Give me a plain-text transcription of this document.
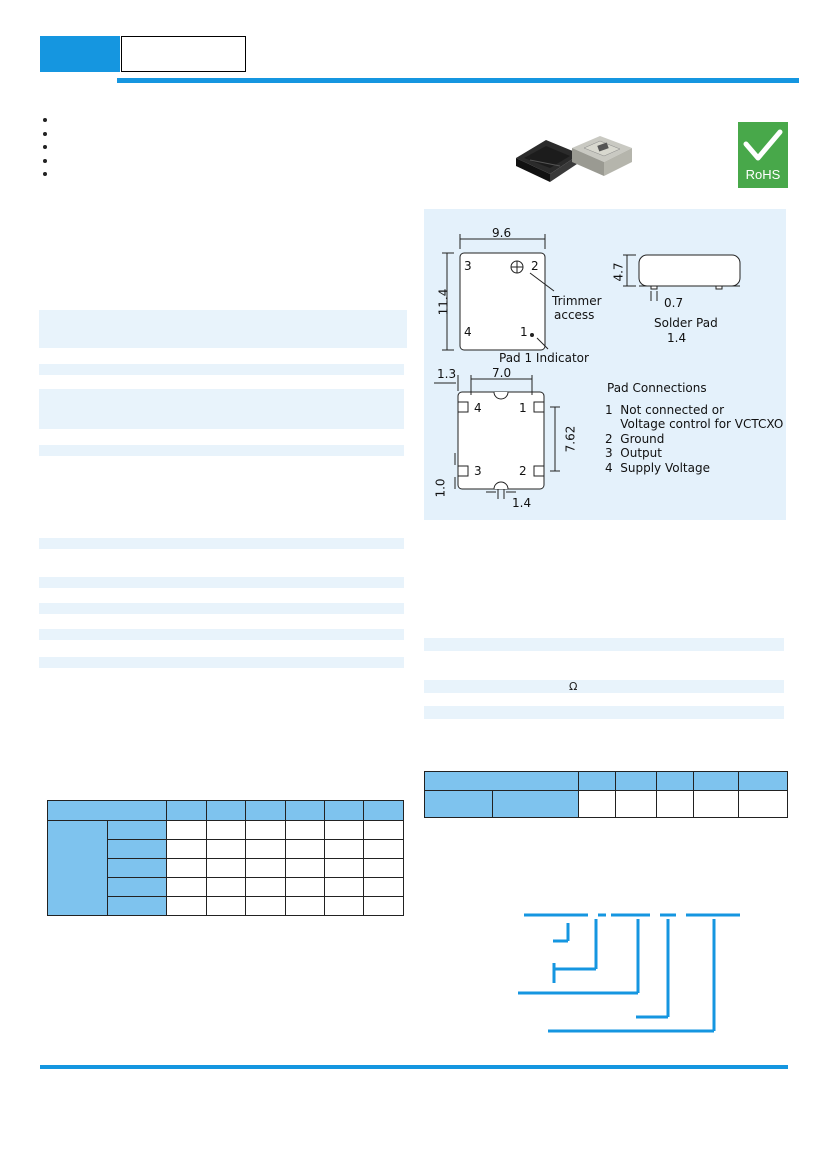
RoHS
9.6
11.4
3	2
4	1
Trimmer
access
Pad 1 Indicator
4.7
0.7
Solder Pad
1.4
1.3	7.0
7.62
1.0
1.4
4	1
3	2
Pad Connections
1  Not connected or
Voltage control for VCTCXO
2  Ground
3  Output
4  Supply Voltage
Ω
